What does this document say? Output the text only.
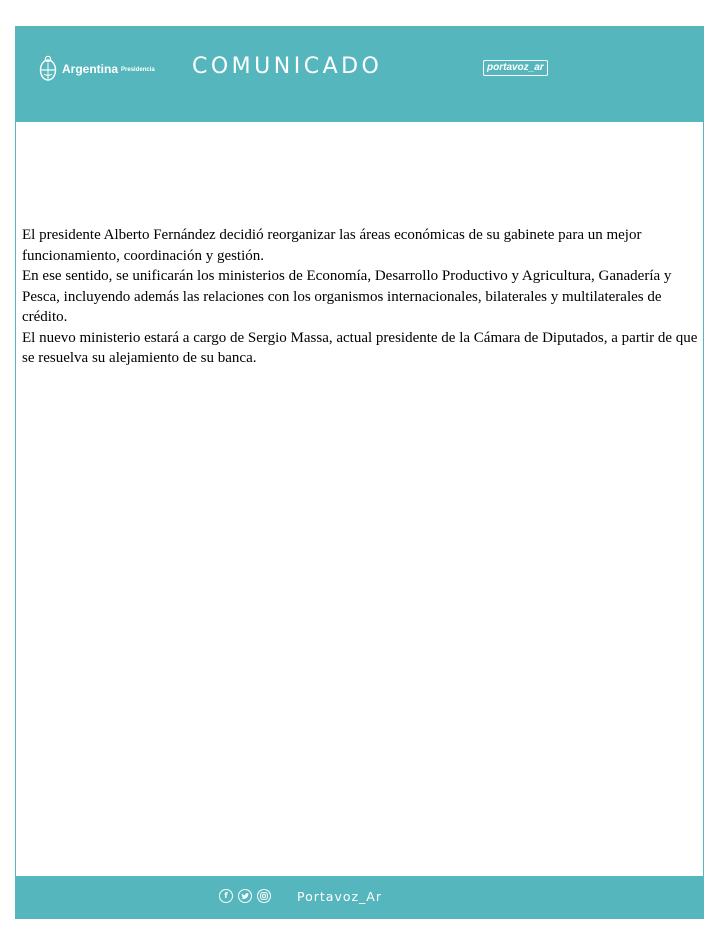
Argentina Presidencia COMUNICADO	portavoz_ar

El presidente Alberto Fernández decidió reorganizar las áreas económicas de su gabinete para un mejor funcionamiento, coordinación y gestión.

En ese sentido, se unificarán los ministerios de Economía, Desarrollo Productivo y Agricultura, Ganadería y Pesca, incluyendo además las relaciones con los organismos internacionales, bilaterales y multilaterales de crédito.

El nuevo ministerio estará a cargo de Sergio Massa, actual presidente de la Cámara de Diputados, a partir de que se resuelva su alejamiento de su banca.

f	Portavoz_Ar
